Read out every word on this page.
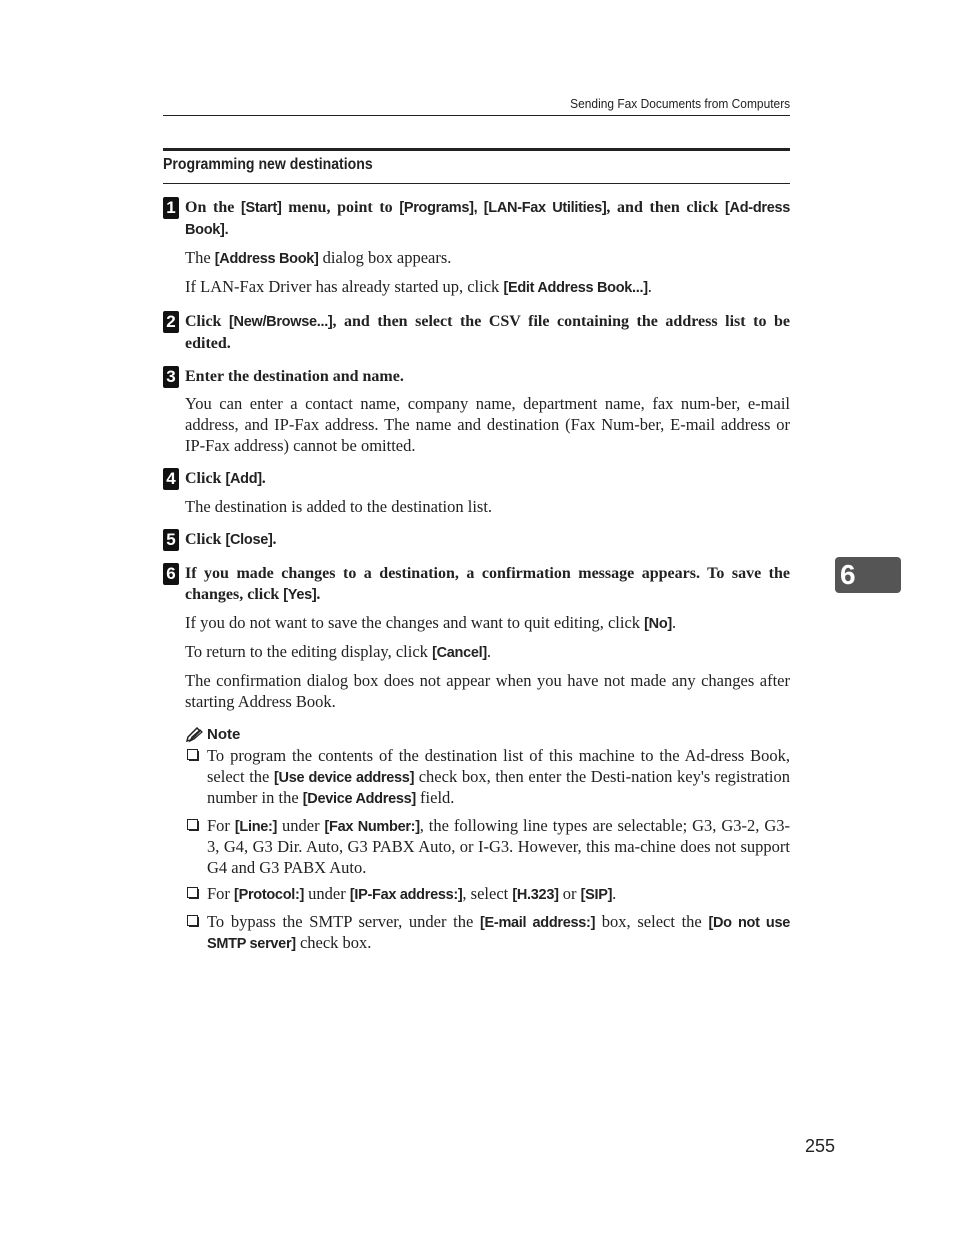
Sending Fax Documents from Computers
Programming new destinations
1 On the [Start] menu, point to [Programs], [LAN-Fax Utilities], and then click [Ad-dress Book].
The [Address Book] dialog box appears.
If LAN-Fax Driver has already started up, click [Edit Address Book...].
2 Click [New/Browse...], and then select the CSV file containing the address list to be edited.
3 Enter the destination and name.
You can enter a contact name, company name, department name, fax num-ber, e-mail address, and IP-Fax address. The name and destination (Fax Num-ber, E-mail address or IP-Fax address) cannot be omitted.
4 Click [Add].
The destination is added to the destination list.
5 Click [Close].
6 If you made changes to a destination, a confirmation message appears. To save the changes, click [Yes].
If you do not want to save the changes and want to quit editing, click [No].
To return to the editing display, click [Cancel].
The confirmation dialog box does not appear when you have not made any changes after starting Address Book.
Note
To program the contents of the destination list of this machine to the Ad-dress Book, select the [Use device address] check box, then enter the Desti-nation key's registration number in the [Device Address] field.
For [Line:] under [Fax Number:], the following line types are selectable; G3, G3-2, G3-3, G4, G3 Dir. Auto, G3 PABX Auto, or I-G3. However, this ma-chine does not support G4 and G3 PABX Auto.
For [Protocol:] under [IP-Fax address:], select [H.323] or [SIP].
To bypass the SMTP server, under the [E-mail address:] box, select the [Do not use SMTP server] check box.
6
255
